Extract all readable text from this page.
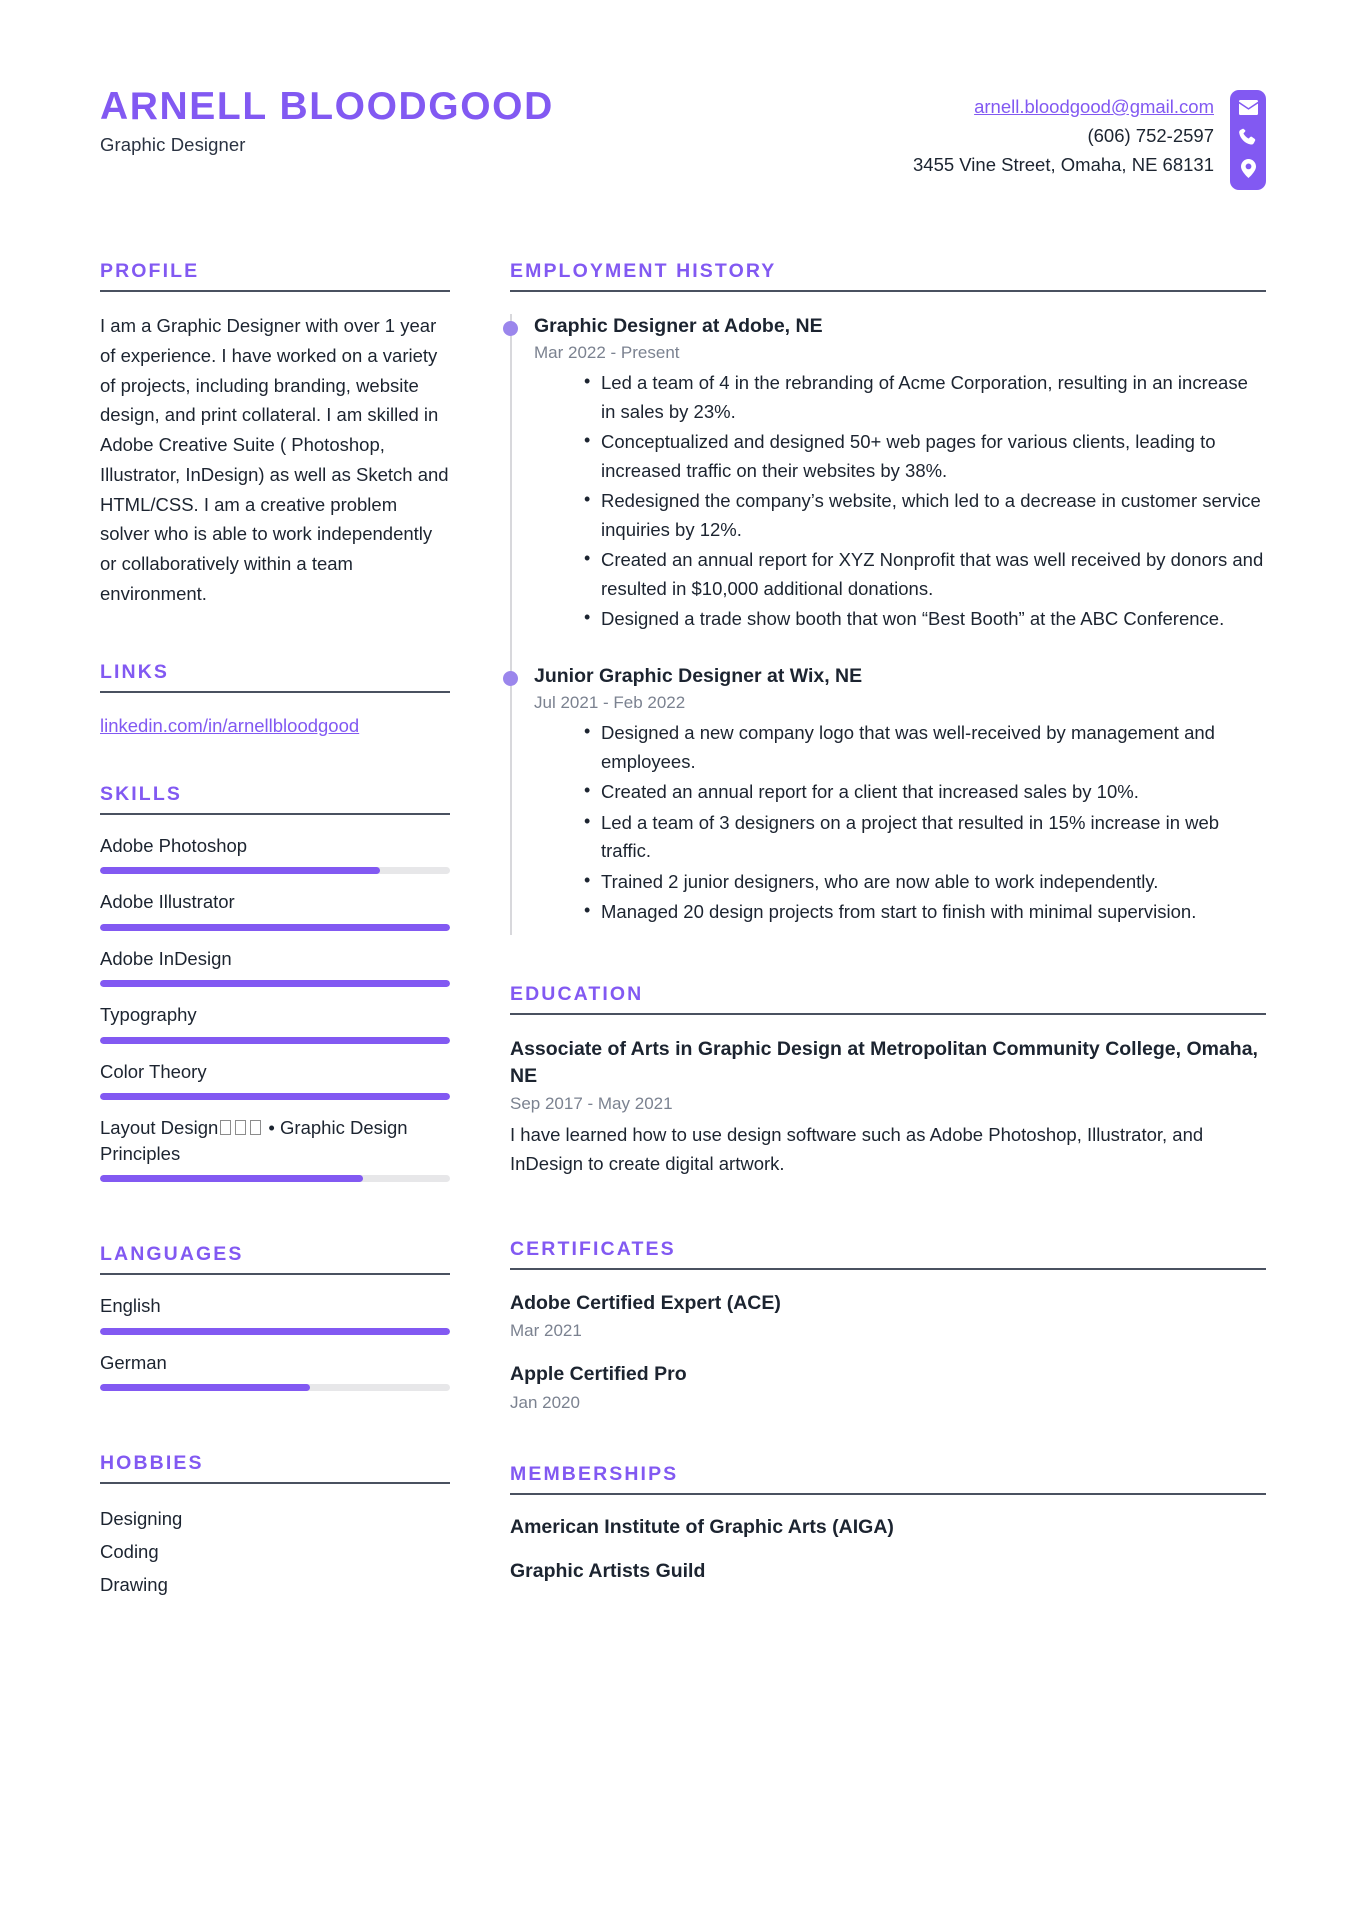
ARNELL BLOODGOOD
Graphic Designer
arnell.bloodgood@gmail.com
(606) 752-2597
3455 Vine Street, Omaha, NE 68131
PROFILE
I am a Graphic Designer with over 1 year of experience. I have worked on a variety of projects, including branding, website design, and print collateral. I am skilled in Adobe Creative Suite ( Photoshop, Illustrator, InDesign) as well as Sketch and HTML/CSS. I am a creative problem solver who is able to work independently or collaboratively within a team environment.
LINKS
linkedin.com/in/arnellbloodgood
SKILLS
Adobe Photoshop
Adobe Illustrator
Adobe InDesign
Typography
Color Theory
Layout Design	• Graphic Design Principles
LANGUAGES
English
German
HOBBIES
Designing
Coding
Drawing
EMPLOYMENT HISTORY
Graphic Designer at Adobe, NE
Mar 2022 - Present
• Led a team of 4 in the rebranding of Acme Corporation, resulting in an increase in sales by 23%.
• Conceptualized and designed 50+ web pages for various clients, leading to increased traffic on their websites by 38%.
• Redesigned the company’s website, which led to a decrease in customer service inquiries by 12%.
• Created an annual report for XYZ Nonprofit that was well received by donors and resulted in $10,000 additional donations.
• Designed a trade show booth that won “Best Booth” at the ABC Conference.
Junior Graphic Designer at Wix, NE
Jul 2021 - Feb 2022
• Designed a new company logo that was well-received by management and employees.
• Created an annual report for a client that increased sales by 10%.
• Led a team of 3 designers on a project that resulted in 15% increase in web traffic.
• Trained 2 junior designers, who are now able to work independently.
• Managed 20 design projects from start to finish with minimal supervision.
EDUCATION
Associate of Arts in Graphic Design at Metropolitan Community College, Omaha, NE
Sep 2017 - May 2021
I have learned how to use design software such as Adobe Photoshop, Illustrator, and InDesign to create digital artwork.
CERTIFICATES
Adobe Certified Expert (ACE)
Mar 2021
Apple Certified Pro
Jan 2020
MEMBERSHIPS
American Institute of Graphic Arts (AIGA)
Graphic Artists Guild
